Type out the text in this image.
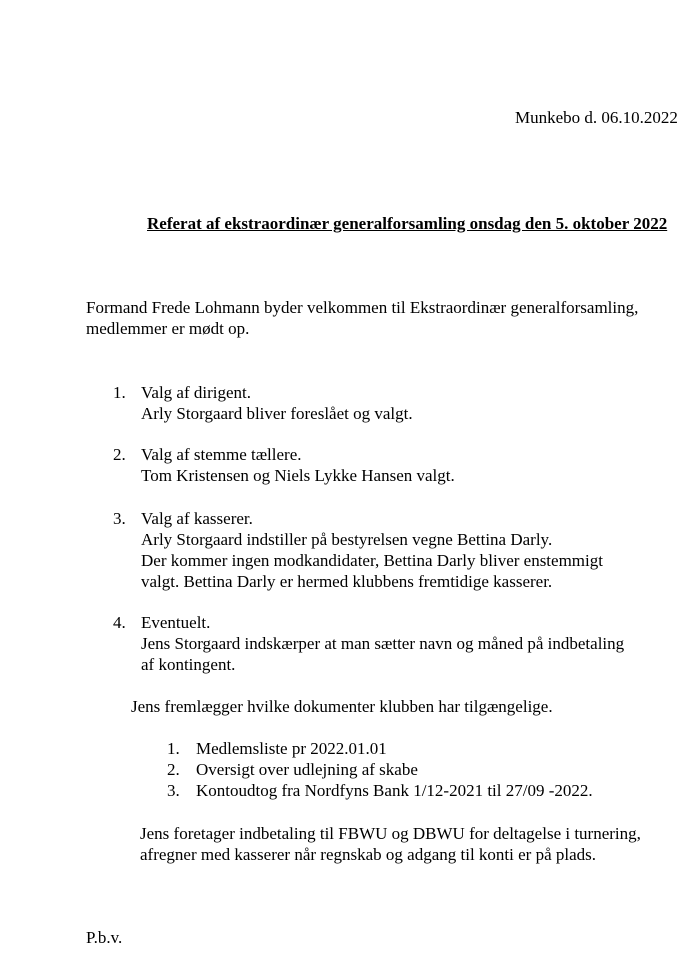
Munkebo d. 06.10.2022
Referat af ekstraordinær generalforsamling onsdag den 5. oktober 2022
Formand Frede Lohmann byder velkommen til Ekstraordinær generalforsamling,
medlemmer er mødt op.
1. Valg af dirigent.
Arly Storgaard bliver foreslået og valgt.
2. Valg af stemme tællere.
Tom Kristensen og Niels Lykke Hansen valgt.
3. Valg af kasserer.
Arly Storgaard indstiller på bestyrelsen vegne Bettina Darly.
Der kommer ingen modkandidater, Bettina Darly bliver enstemmigt
valgt. Bettina Darly er hermed klubbens fremtidige kasserer.
4. Eventuelt.
Jens Storgaard indskærper at man sætter navn og måned på indbetaling
af kontingent.
Jens fremlægger hvilke dokumenter klubben har tilgængelige.
1. Medlemsliste pr 2022.01.01
2. Oversigt over udlejning af skabe
3. Kontoudtog fra Nordfyns Bank 1/12-2021 til 27/09 -2022.
Jens foretager indbetaling til FBWU og DBWU for deltagelse i turnering,
afregner med kasserer når regnskab og adgang til konti er på plads.
P.b.v.
